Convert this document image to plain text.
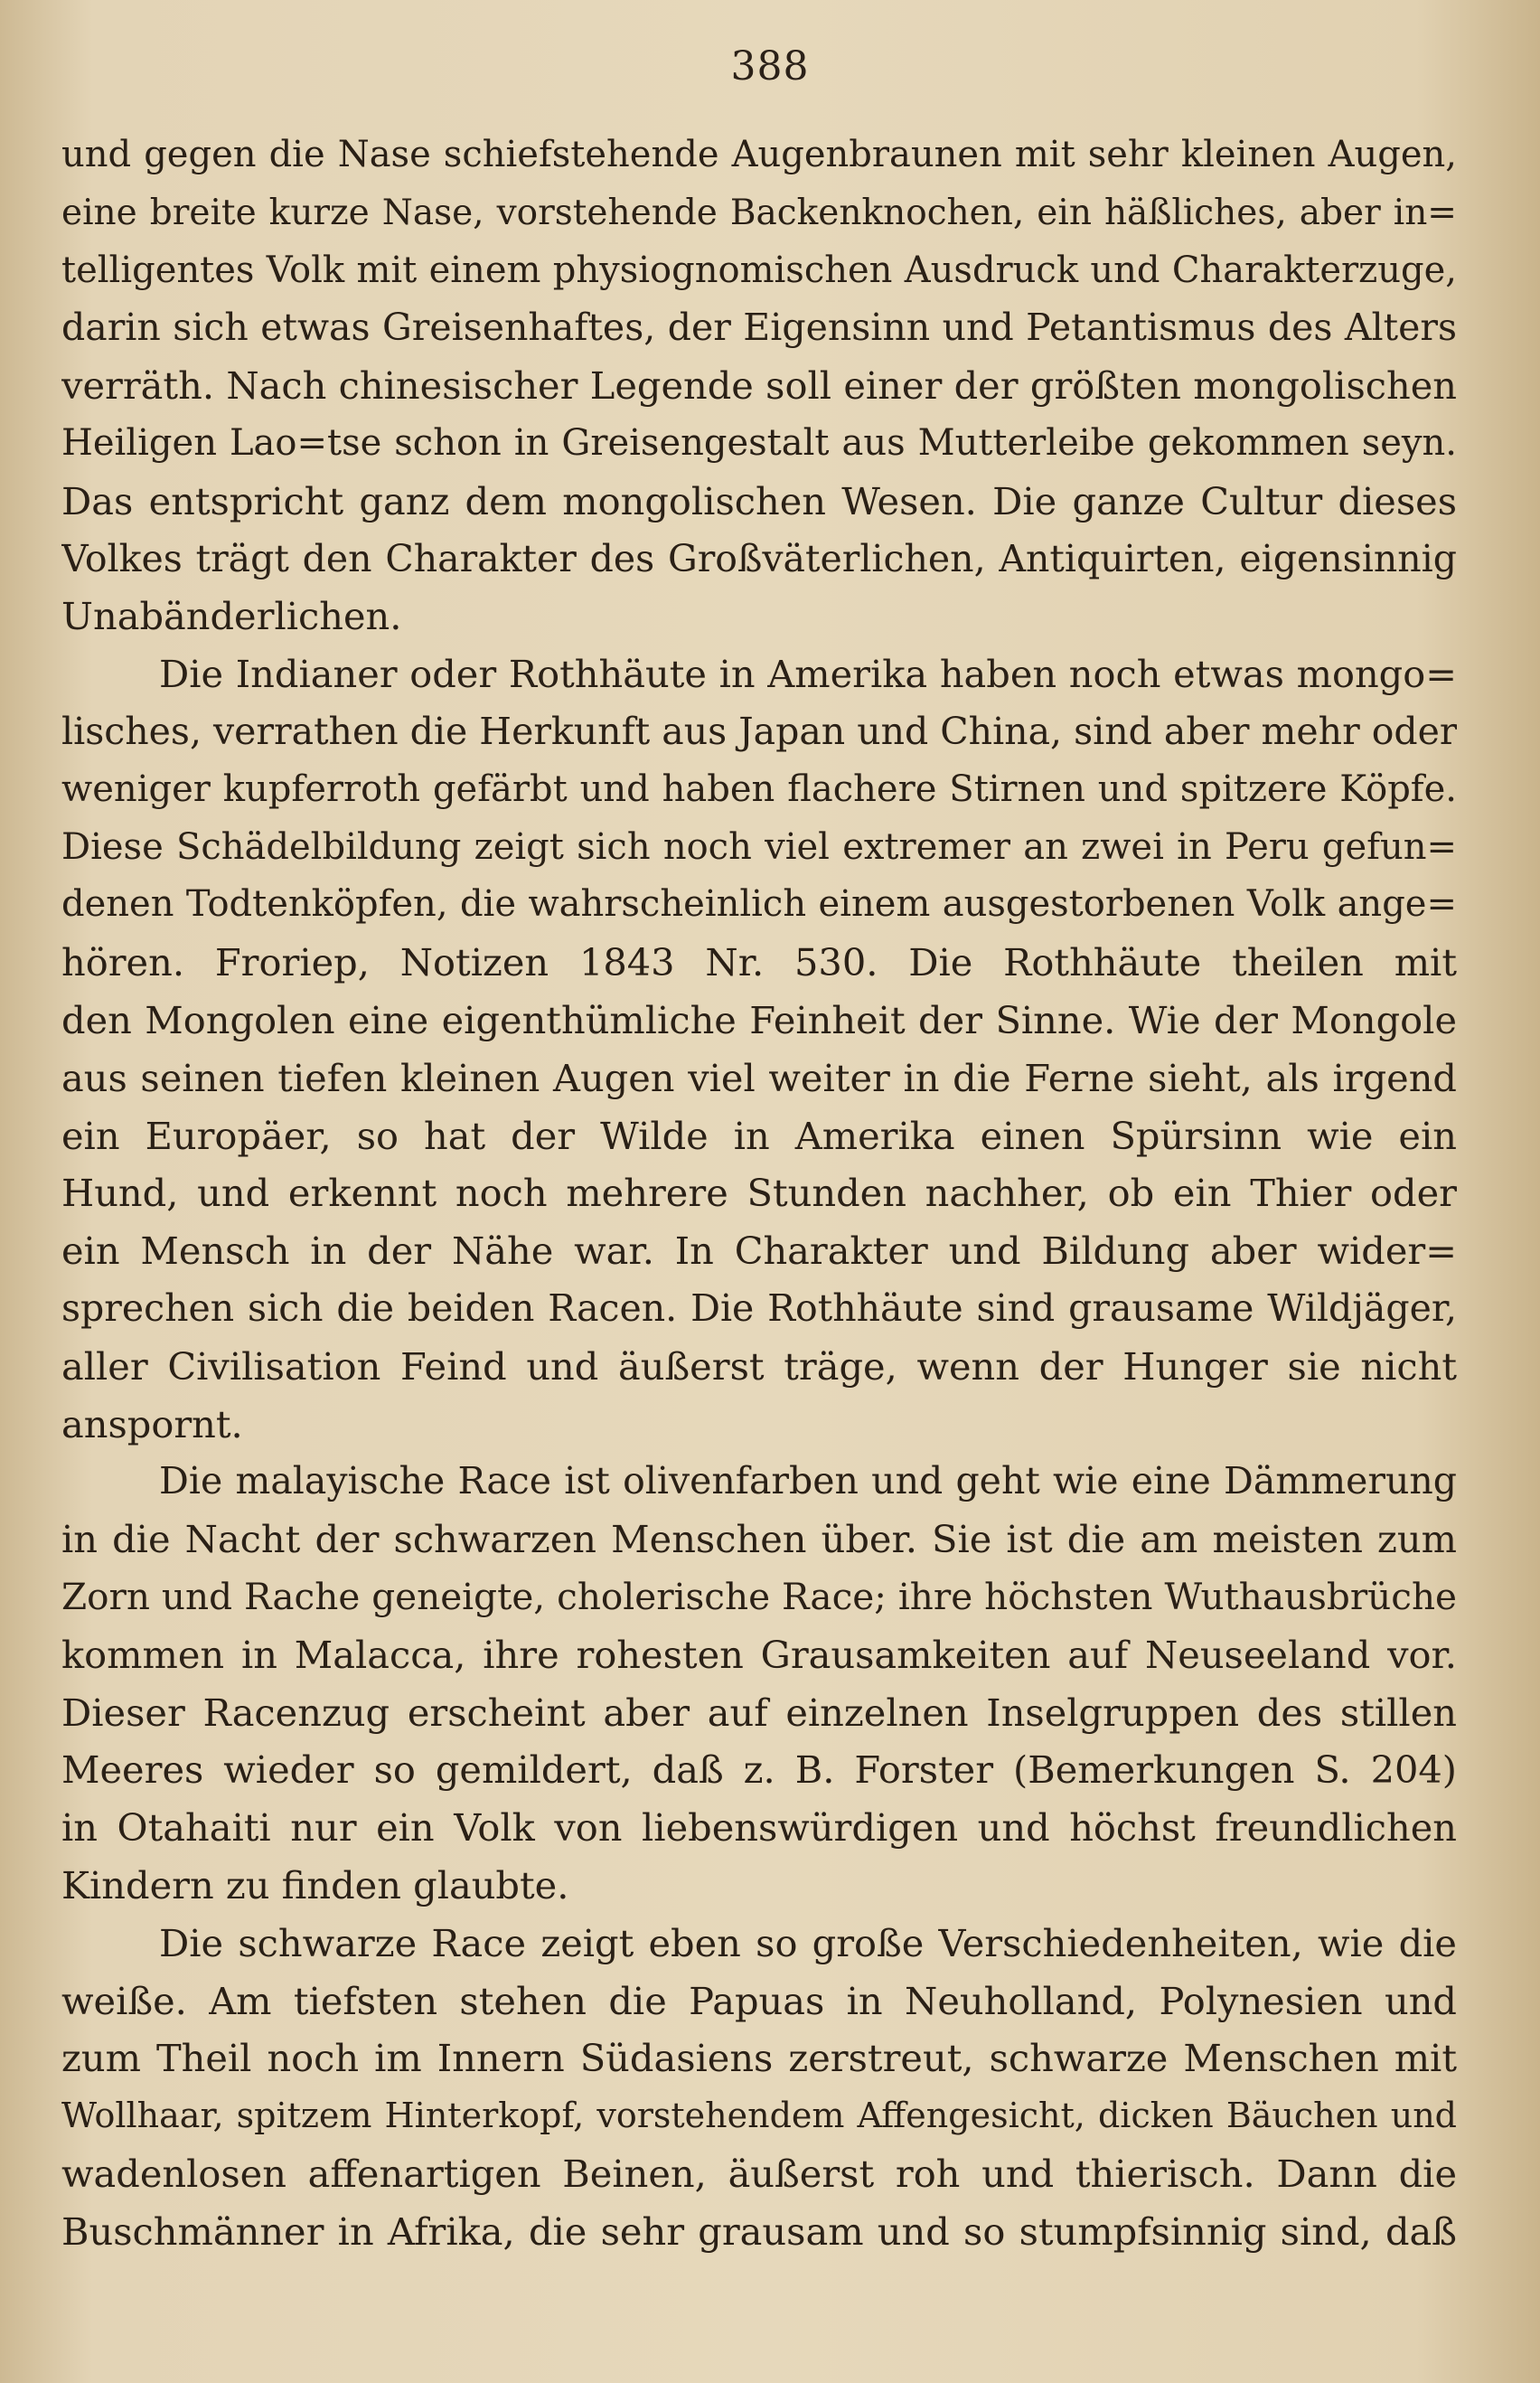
388
und gegen die Nase schiefstehende Augenbraunen mit sehr kleinen Augen,
eine breite kurze Nase, vorstehende Backenknochen, ein häßliches, aber in=
telligentes Volk mit einem physiognomischen Ausdruck und Charakterzuge,
darin sich etwas Greisenhaftes, der Eigensinn und Petantismus des Alters
verräth. Nach chinesischer Legende soll einer der größten mongolischen
Heiligen Lao=tse schon in Greisengestalt aus Mutterleibe gekommen seyn.
Das entspricht ganz dem mongolischen Wesen. Die ganze Cultur dieses
Volkes trägt den Charakter des Großväterlichen, Antiquirten, eigensinnig
Unabänderlichen.
Die Indianer oder Rothhäute in Amerika haben noch etwas mongo=
lisches, verrathen die Herkunft aus Japan und China, sind aber mehr oder
weniger kupferroth gefärbt und haben flachere Stirnen und spitzere Köpfe.
Diese Schädelbildung zeigt sich noch viel extremer an zwei in Peru gefun=
denen Todtenköpfen, die wahrscheinlich einem ausgestorbenen Volk ange=
hören. Froriep, Notizen 1843 Nr. 530. Die Rothhäute theilen mit
den Mongolen eine eigenthümliche Feinheit der Sinne. Wie der Mongole
aus seinen tiefen kleinen Augen viel weiter in die Ferne sieht, als irgend
ein Europäer, so hat der Wilde in Amerika einen Spürsinn wie ein
Hund, und erkennt noch mehrere Stunden nachher, ob ein Thier oder
ein Mensch in der Nähe war. In Charakter und Bildung aber wider=
sprechen sich die beiden Racen. Die Rothhäute sind grausame Wildjäger,
aller Civilisation Feind und äußerst träge, wenn der Hunger sie nicht
anspornt.
Die malayische Race ist olivenfarben und geht wie eine Dämmerung
in die Nacht der schwarzen Menschen über. Sie ist die am meisten zum
Zorn und Rache geneigte, cholerische Race; ihre höchsten Wuthausbrüche
kommen in Malacca, ihre rohesten Grausamkeiten auf Neuseeland vor.
Dieser Racenzug erscheint aber auf einzelnen Inselgruppen des stillen
Meeres wieder so gemildert, daß z. B. Forster (Bemerkungen S. 204)
in Otahaiti nur ein Volk von liebenswürdigen und höchst freundlichen
Kindern zu finden glaubte.
Die schwarze Race zeigt eben so große Verschiedenheiten, wie die
weiße. Am tiefsten stehen die Papuas in Neuholland, Polynesien und
zum Theil noch im Innern Südasiens zerstreut, schwarze Menschen mit
Wollhaar, spitzem Hinterkopf, vorstehendem Affengesicht, dicken Bäuchen und
wadenlosen affenartigen Beinen, äußerst roh und thierisch. Dann die
Buschmänner in Afrika, die sehr grausam und so stumpfsinnig sind, daß
